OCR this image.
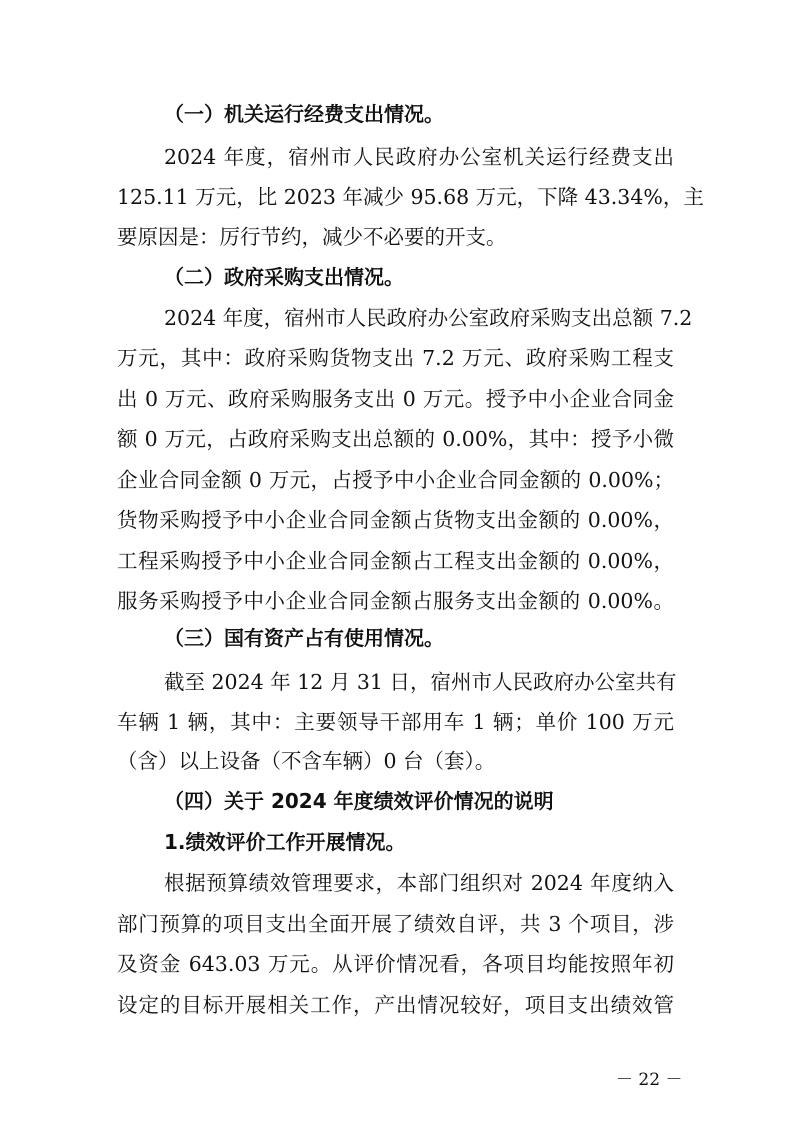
（一）机关运行经费支出情况。
2024 年度，宿州市人民政府办公室机关运行经费支出
125.11 万元，比 2023 年减少 95.68 万元，下降 43.34%，主
要原因是：厉行节约，减少不必要的开支。
（二）政府采购支出情况。
2024 年度，宿州市人民政府办公室政府采购支出总额 7.2
万元，其中：政府采购货物支出 7.2 万元、政府采购工程支
出 0 万元、政府采购服务支出 0 万元。授予中小企业合同金
额 0 万元，占政府采购支出总额的 0.00%，其中：授予小微
企业合同金额 0 万元，占授予中小企业合同金额的 0.00%；
货物采购授予中小企业合同金额占货物支出金额的 0.00%，
工程采购授予中小企业合同金额占工程支出金额的 0.00%，
服务采购授予中小企业合同金额占服务支出金额的 0.00%。
（三）国有资产占有使用情况。
截至 2024 年 12 月 31 日，宿州市人民政府办公室共有
车辆 1 辆，其中：主要领导干部用车 1 辆；单价 100 万元
（含）以上设备（不含车辆）0 台（套）。
（四）关于 2024 年度绩效评价情况的说明
1.绩效评价工作开展情况。
根据预算绩效管理要求，本部门组织对 2024 年度纳入
部门预算的项目支出全面开展了绩效自评，共 3 个项目，涉
及资金 643.03 万元。从评价情况看，各项目均能按照年初
设定的目标开展相关工作，产出情况较好，项目支出绩效管
－ 22 －
